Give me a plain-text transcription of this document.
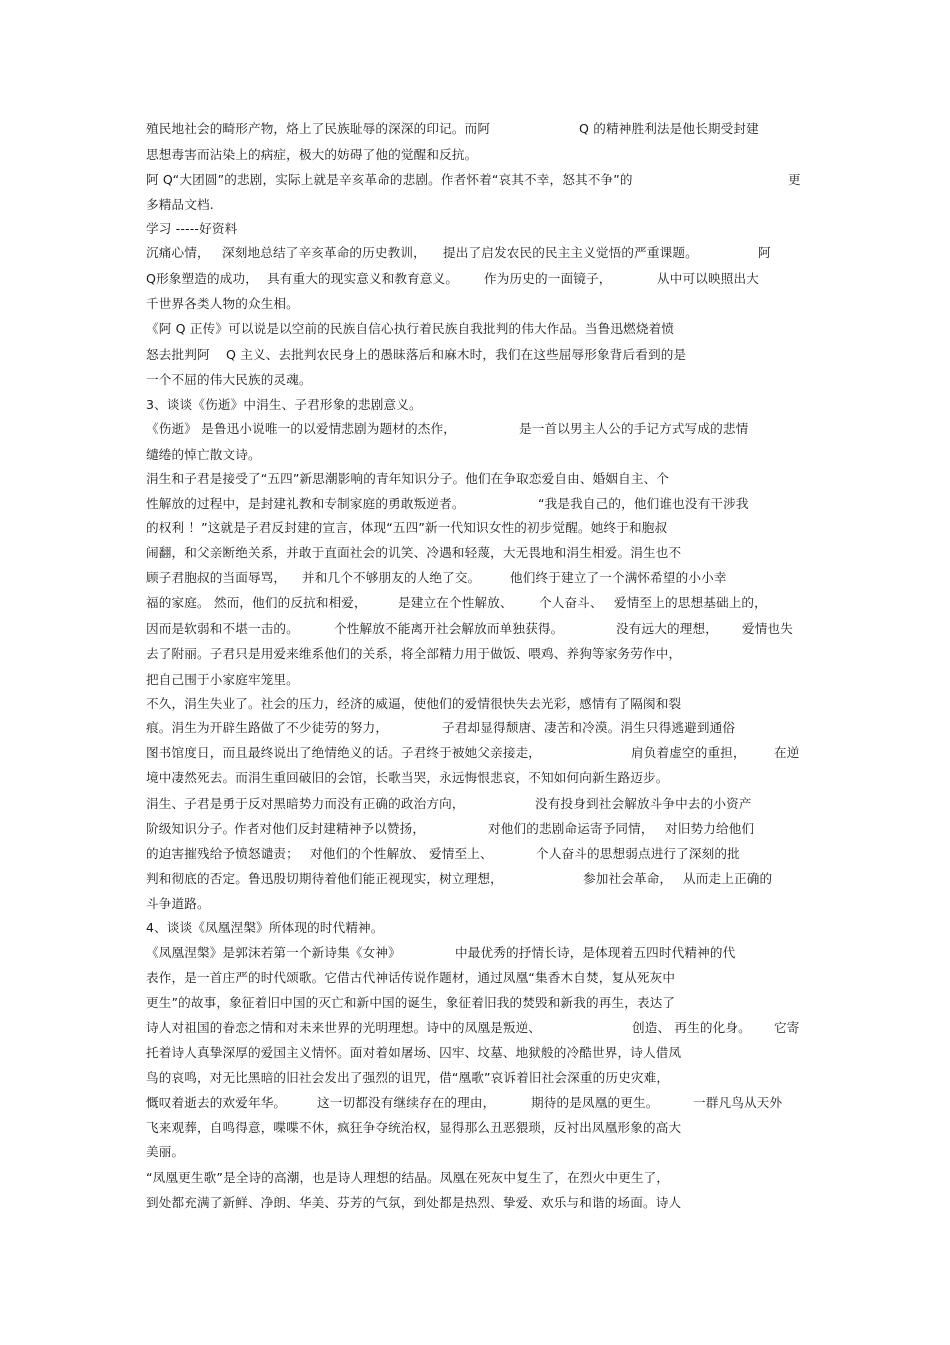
殖民地社会的畸形产物，烙上了民族耻辱的深深的印记。而阿	Q 的精神胜利法是他长期受封建
思想毒害而沾染上的病症，极大的妨碍了他的觉醒和反抗。
阿 Q“大团圆”的悲剧，实际上就是辛亥革命的悲剧。作者怀着“哀其不幸，怒其不争”的	更
多精品文档.
学习 -----好资料
沉痛心情， 深刻地总结了辛亥革命的历史教训， 提出了启发农民的民主主义觉悟的严重课题。	阿
Q形象塑造的成功， 具有重大的现实意义和教育意义。 作为历史的一面镜子，	从中可以映照出大
千世界各类人物的众生相。
《阿 Q 正传》可以说是以空前的民族自信心执行着民族自我批判的伟大作品。当鲁迅燃烧着愤
怒去批判阿 Q 主义、去批判农民身上的愚昧落后和麻木时，我们在这些屈辱形象背后看到的是
一个不屈的伟大民族的灵魂。
3、谈谈《伤逝》中涓生、子君形象的悲剧意义。
《伤逝》 是鲁迅小说唯一的以爱情悲剧为题材的杰作，	是一首以男主人公的手记方式写成的悲情
缱绻的悼亡散文诗。
涓生和子君是接受了“五四”新思潮影响的青年知识分子。他们在争取恋爱自由、婚姻自主、个
性解放的过程中，是封建礼教和专制家庭的勇敢叛逆者。	“我是我自己的，他们谁也没有干涉我
的权利 ！”这就是子君反封建的宣言，体现“五四”新一代知识女性的初步觉醒。她终于和胞叔
闹翻，和父亲断绝关系，并敢于直面社会的讥笑、冷遇和轻蔑，大无畏地和涓生相爱。涓生也不
顾子君胞叔的当面辱骂， 并和几个不够朋友的人绝了交。 他们终于建立了一个满怀希望的小小幸
福的家庭。 然而，他们的反抗和相爱， 是建立在个性解放、 个人奋斗、 爱情至上的思想基础上的，
因而是软弱和不堪一击的。	个性解放不能离开社会解放而单独获得。	没有远大的理想， 爱情也失
去了附丽。子君只是用爱来维系他们的关系，将全部精力用于做饭、喂鸡、养狗等家务劳作中，
把自己围于小家庭牢笼里。
不久，涓生失业了。社会的压力，经济的威逼，使他们的爱情很快失去光彩，感情有了隔阂和裂
痕。涓生为开辟生路做了不少徒劳的努力，	子君却显得颓唐、凄苦和冷漠。涓生只得逃避到通俗
图书馆度日，而且最终说出了绝情绝义的话。子君终于被她父亲接走，	肩负着虚空的重担， 在逆
境中凄然死去。而涓生重回破旧的会馆，长歌当哭，永远悔恨悲哀，不知如何向新生路迈步。
涓生、子君是勇于反对黑暗势力而没有正确的政治方向，	没有投身到社会解放斗争中去的小资产
阶级知识分子。
作者对他们反封建精神予以赞扬，	对他们的悲剧命运寄予同情， 对旧势力给他们
的迫害摧残给予愤怒谴责； 对他们的个性解放、 爱情至上、	个人奋斗的思想弱点进行了深刻的批
判和彻底的否定。鲁迅殷切期待着他们能正视现实，树立理想，	参加社会革命， 从而走上正确的
斗争道路。
4、谈谈《凤凰涅槃》所体现的时代精神。
《凤凰涅槃》是郭沫若第一个新诗集《女神》	中最优秀的抒情长诗，是体现着五四时代精神的代
表作，是一首庄严的时代颂歌。它借古代神话传说作题材，通过凤凰“集香木自焚，复从死灰中
更生”的故事，象征着旧中国的灭亡和新中国的诞生，象征着旧我的焚毁和新我的再生，表达了
诗人对祖国的眷恋之情和对未来世界的光明理想。诗中的凤凰是叛逆、	创造、 再生的化身。 它寄
托着诗人真挚深厚的爱国主义情怀。面对着如屠场、囚牢、坟墓、地狱般的冷酷世界，诗人借凤
鸟的哀鸣，对无比黑暗的旧社会发出了强烈的诅咒，借“凰歌”哀诉着旧社会深重的历史灾难，
慨叹着逝去的欢爱年华。 这一切都没有继续存在的理由，	期待的是凤凰的更生。	一群凡鸟从天外
飞来观葬，自鸣得意，喋喋不休，疯狂争夺统治权，显得那么丑恶猥琐，反衬出凤凰形象的高大
美丽。
“凤凰更生歌”是全诗的高潮，也是诗人理想的结晶。凤凰在死灰中复生了，在烈火中更生了，
到处都充满了新鲜、净朗、华美、芬芳的气氛，到处都是热烈、挚爱、欢乐与和谐的场面。诗人
